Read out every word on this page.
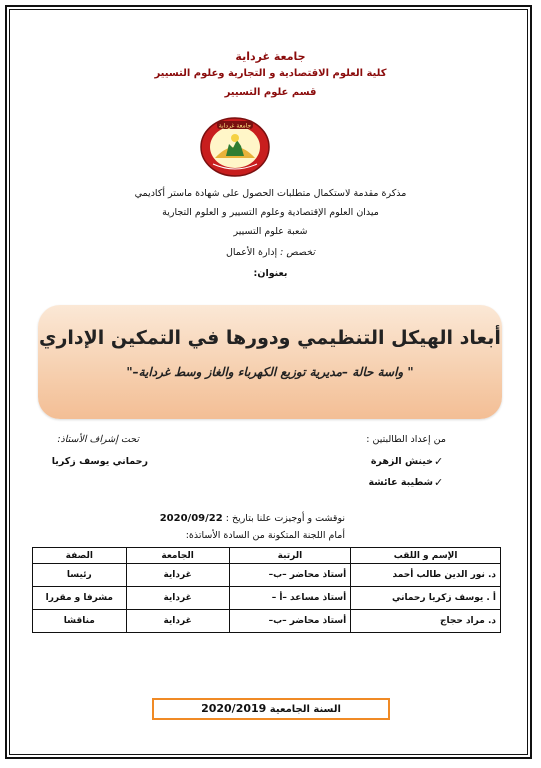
جامعة غرداية
كلية العلوم الاقتصادية و التجارية وعلوم التسيير
قسم علوم التسيير
جامعة غرداية
مذكرة مقدمة لاستكمال متطلبات الحصول على شهادة ماستر أكاديمي
ميدان العلوم الإقتصادية وعلوم التسيير و العلوم التجارية
شعبة علوم التسيير
تخصص : إدارة الأعمال
بعنوان:
أبعاد الهيكل التنظيمي ودورها في التمكين الإداري
" واسة حالة –مديرية توزيع الكهرباء والغاز وسط غرداية–"
من إعداد الطالبتين :
تحت إشراف الأستاذ:
✓
خينش الزهرة
✓
شطيبة عائشة
رحماني يوسف زكريا
نوقشت و أوجيزت علنا بتاريخ : 2020/09/22
أمام اللجنة المتكونة من السادة الأساتذة:
الإسم و اللقب	الرتبة	الجامعة	الصفة
د. نور الدين طالب أحمد	أستاذ محاضر –ب–	غرداية	رئيسا
أ . يوسف زكريا رحماني	أستاذ مساعد –أ –	غرداية	مشرفا و مقررا
د. مراد حجاج	أستاذ محاضر –ب–	غرداية	مناقشا
السنة الجامعية 2020/2019
